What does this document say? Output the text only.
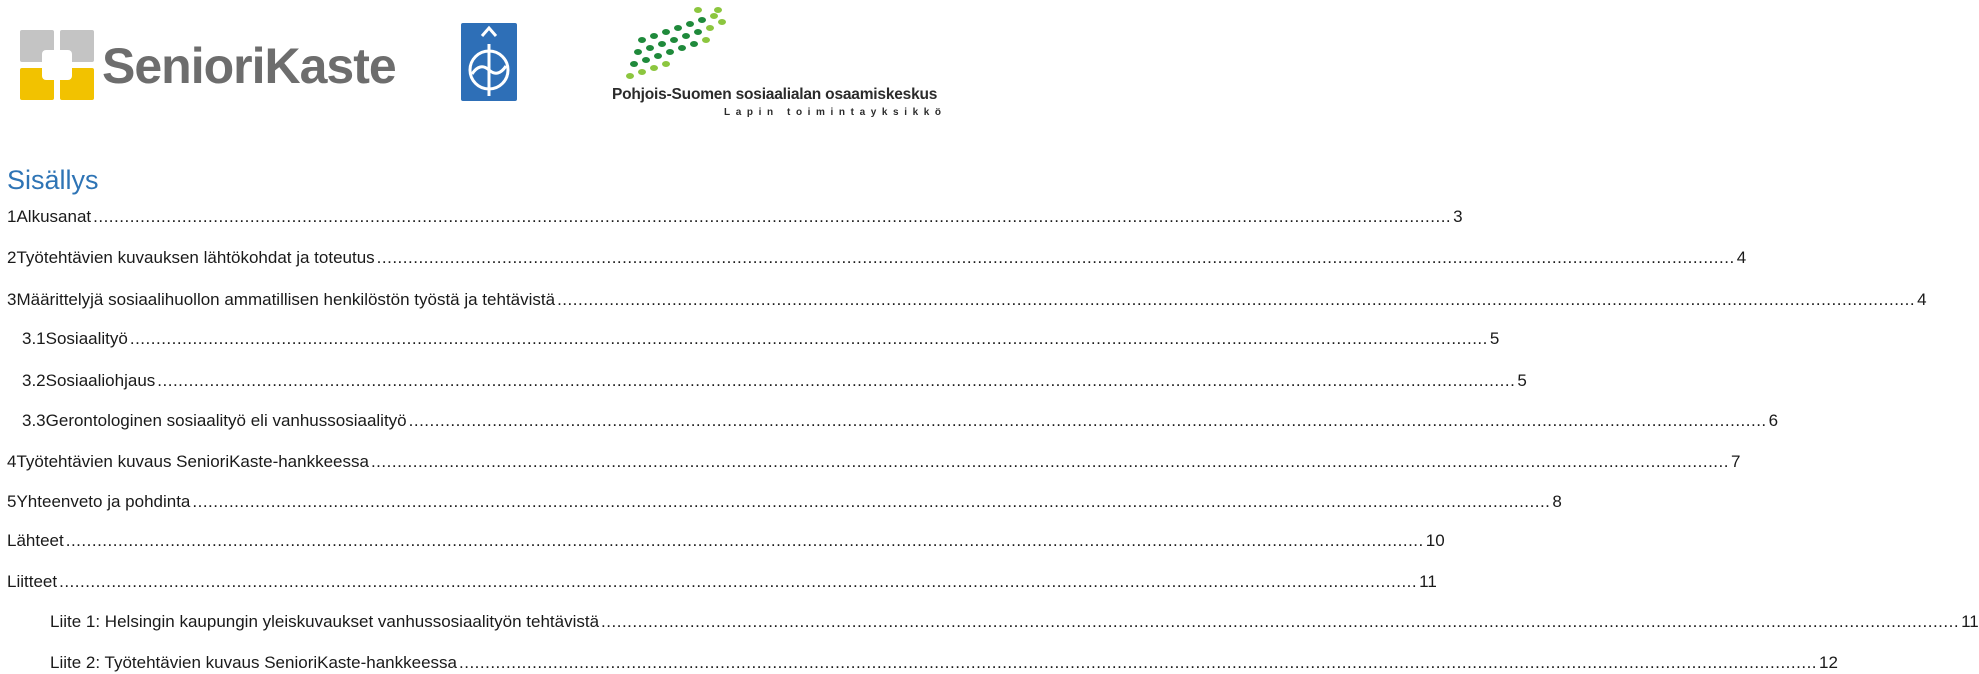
SenioriKaste
Pohjois-Suomen sosiaalialan osaamiskeskus
Lapin toimintayksikkö
Sisällys
1 Alkusanat .................................................................................................................................................................................................................................................................... 3
2 Työtehtävien kuvauksen lähtökohdat ja toteutus .................................................................................................................................................................................................................................................................... 4
3 Määrittelyjä sosiaalihuollon ammatillisen henkilöstön työstä ja tehtävistä .................................................................................................................................................................................................................................................................... 4
3.1 Sosiaalityö .................................................................................................................................................................................................................................................................... 5
3.2 Sosiaaliohjaus .................................................................................................................................................................................................................................................................... 5
3.3 Gerontologinen sosiaalityö eli vanhussosiaalityö .................................................................................................................................................................................................................................................................... 6
4 Työtehtävien kuvaus SenioriKaste-hankkeessa .................................................................................................................................................................................................................................................................... 7
5 Yhteenveto ja pohdinta .................................................................................................................................................................................................................................................................... 8
Lähteet .................................................................................................................................................................................................................................................................... 10
Liitteet .................................................................................................................................................................................................................................................................... 11
Liite 1: Helsingin kaupungin yleiskuvaukset vanhussosiaalityön tehtävistä .................................................................................................................................................................................................................................................................... 11
Liite 2: Työtehtävien kuvaus SenioriKaste-hankkeessa .................................................................................................................................................................................................................................................................... 12
